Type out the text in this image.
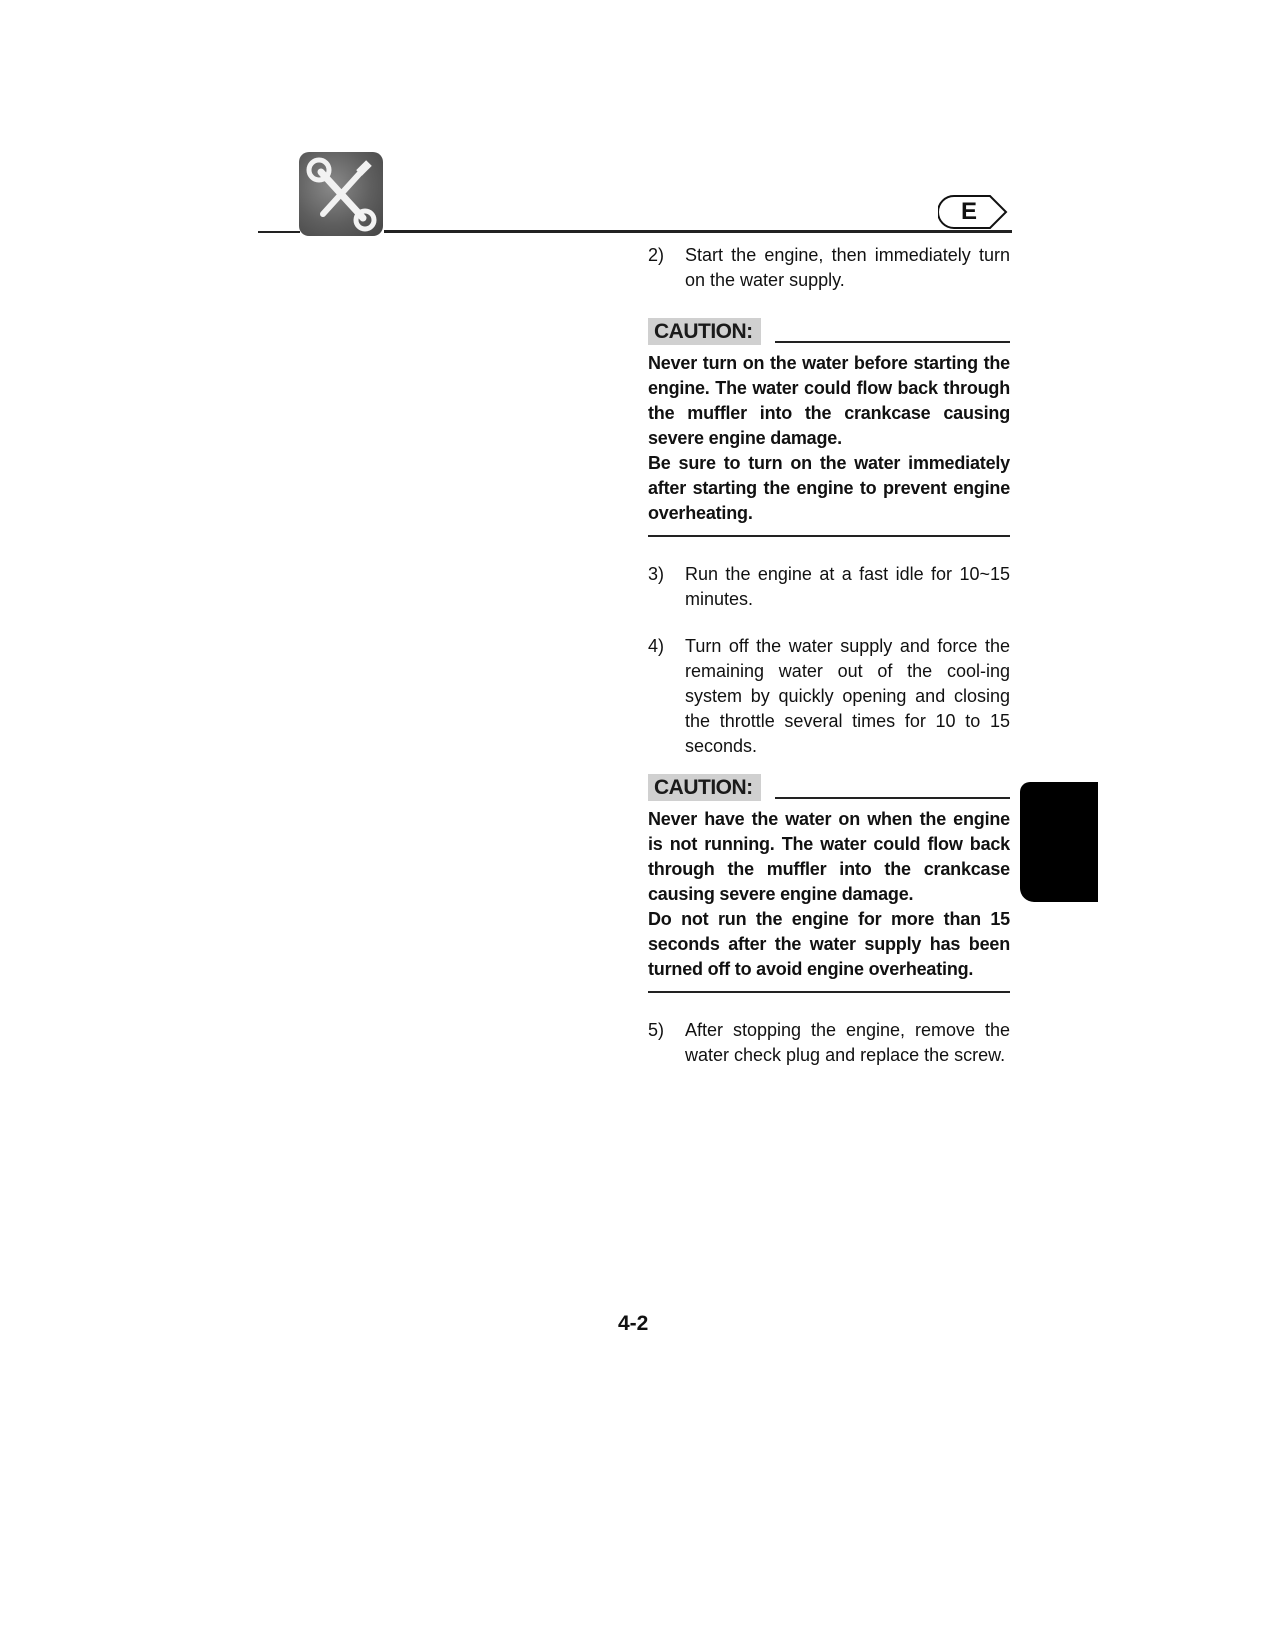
E
2)	Start the engine, then immediately turn on the water supply.
CAUTION:

Never turn on the water before starting the engine. The water could flow back through the muffler into the crankcase causing severe engine damage.

Be sure to turn on the water immediately after starting the engine to prevent engine overheating.

3)	Run the engine at a fast idle for 10~15 minutes.
4)	Turn off the water supply and force the remaining water out of the cool-ing system by quickly opening and closing the throttle several times for 10 to 15 seconds.
CAUTION:

Never have the water on when the engine is not running. The water could flow back through the muffler into the crankcase causing severe engine damage.

Do not run the engine for more than 15 seconds after the water supply has been turned off to avoid engine overheating.

5)	After stopping the engine, remove the water check plug and replace the screw.
4-2
